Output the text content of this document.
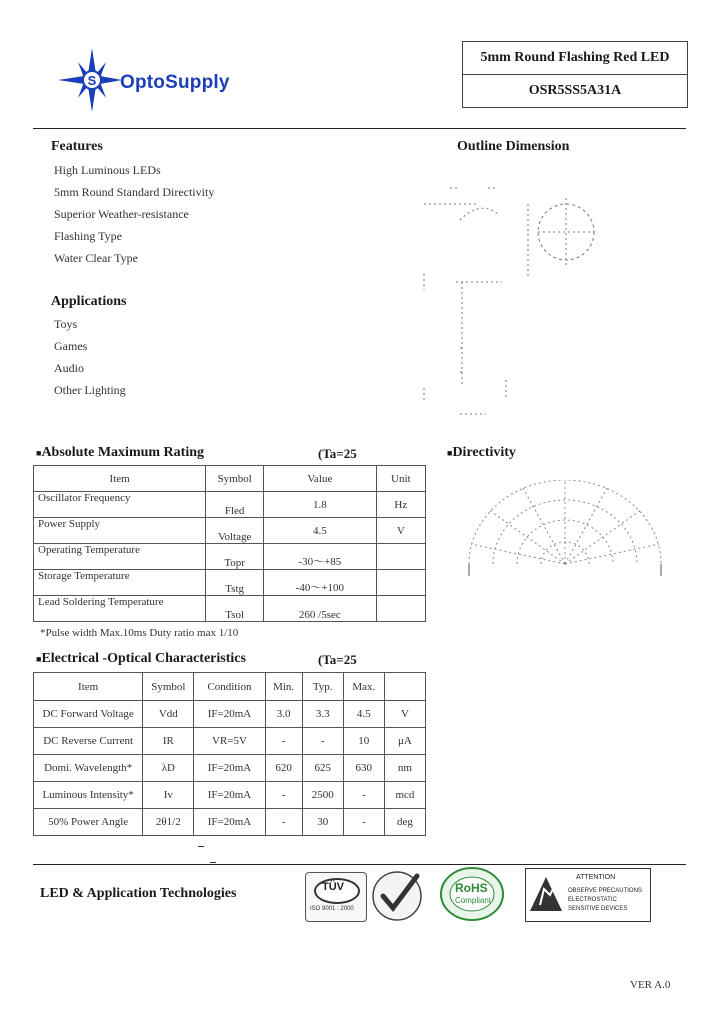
S OptoSupply
5mm Round Flashing Red LED
OSR5SS5A31A
Features
High Luminous LEDs
5mm Round Standard Directivity
Superior Weather-resistance
Flashing Type
Water Clear Type
Applications
Toys
Games
Audio
Other Lighting
Outline Dimension
■Absolute Maximum Rating	(Ta=25
Item	Symbol	Value	Unit
Oscillator Frequency	Fled	1.8	Hz
Power Supply	Voltage	4.5	V
Operating Temperature	Topr	-30～+85	
Storage Temperature	Tstg	-40～+100	
Lead Soldering Temperature	Tsol	260 /5sec	
*Pulse width Max.10ms Duty ratio max 1/10
■Directivity
■Electrical -Optical Characteristics	(Ta=25
Item	Symbol	Condition	Min.	Typ.	Max.	
DC Forward Voltage	Vdd	IF=20mA	3.0	3.3	4.5	V
DC Reverse Current	IR	VR=5V	-	-	10	μA
Domi. Wavelength*	λD	IF=20mA	620	625	630	nm
Luminous Intensity*	Iv	IF=20mA	-	2500	-	mcd
50% Power Angle	2θ1/2	IF=20mA	-	30	-	deg
LED & Application Technologies	TÜV
ISO 9001 : 2000
RoHS
Compliant
ATTENTION
OBSERVE PRECAUTIONS
ELECTROSTATIC
SENSITIVE DEVICES
VER A.0
